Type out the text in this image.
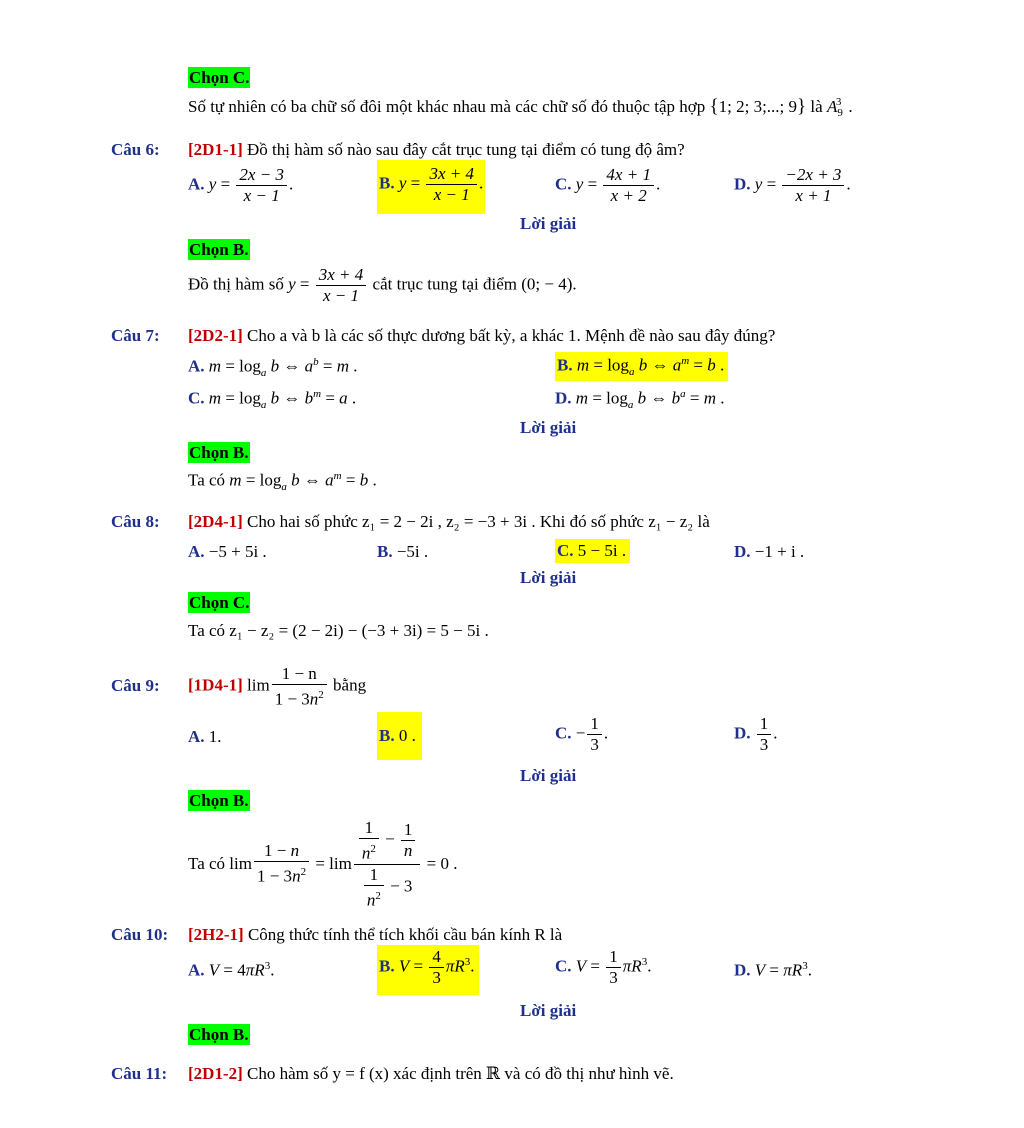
Chọn C.
Số tự nhiên có ba chữ số đôi một khác nhau mà các chữ số đó thuộc tập hợp {1; 2; 3;...; 9} là $A_9^3$ .
Câu 6: [2D1-1] Đồ thị hàm số nào sau đây cắt trục tung tại điểm có tung độ âm?
A. $y = \frac{2x - 3}{x - 1}$ .	B. $y = \frac{3x + 4}{x - 1}$ .	C. $y = \frac{4x + 1}{x + 2}$ .	D. $y = \frac{-2x + 3}{x + 1}$ .
Lời giải
Chọn B.
Đồ thị hàm số $y = \frac{3x + 4}{x - 1}$ cắt trục tung tại điểm (0; − 4).
Câu 7: [2D2-1] Cho a và b là các số thực dương bất kỳ, a khác 1. Mệnh đề nào sau đây đúng?
A. $m = \log_a b$ ⇔ $a^b = m$ .	B. $m = \log_a b$ ⇔ $a^m = b$ .
C. $m = \log_a b$ ⇔ $b^m = a$ .	D. $m = \log_a b$ ⇔ $b^a = m$ .
Lời giải
Chọn B.
Ta có $m = \log_a b$ ⇔ $a^m = b$ .
Câu 8: [2D4-1] Cho hai số phức z₁ = 2 − 2i , z₂ = −3 + 3i . Khi đó số phức z₁ − z₂ là
A. −5 + 5i .	B. −5i .	C. 5 − 5i .	D. −1 + i .
Lời giải
Chọn C.
Ta có z₁ − z₂ = (2 − 2i) − (−3 + 3i) = 5 − 5i .
Câu 9: [1D4-1] $\lim \frac{1 - n}{1 - 3n^2}$ bằng
A. 1.	B. 0 .	C. − $\frac{1}{3}$ .	D. $\frac{1}{3}$ .
Lời giải
Chọn B.
Ta có $\lim \frac{1 - n}{1 - 3n^2} = \lim \frac{\frac{1}{n^2} - \frac{1}{n}}{\frac{1}{n^2} - 3} = 0$ .
Câu 10: [2H2-1] Công thức tính thể tích khối cầu bán kính R là
A. $V = 4\pi R^3$.	B. $V = \frac{4}{3} \pi R^3$.	C. $V = \frac{1}{3} \pi R^3$.	D. $V = \pi R^3$.
Lời giải
Chọn B.
Câu 11: [2D1-2] Cho hàm số y = f (x) xác định trên ℝ và có đồ thị như hình vẽ.
